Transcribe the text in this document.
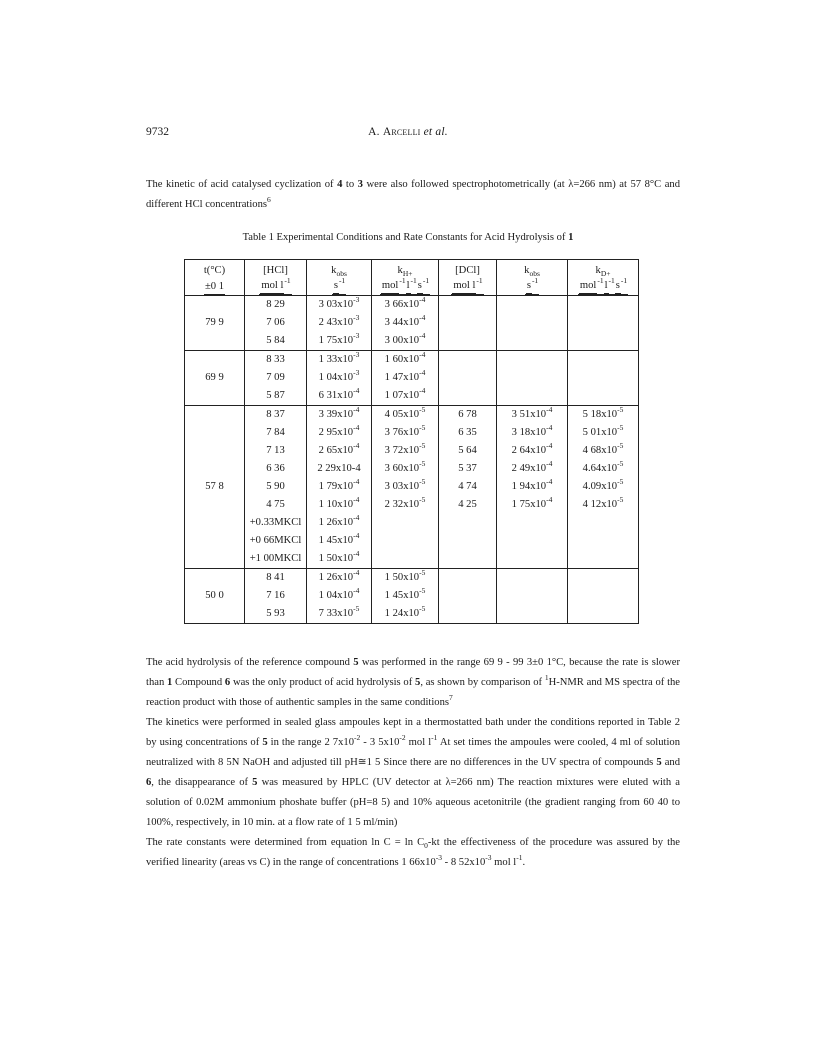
9732	A. Arcelli et al.

The kinetic of acid catalysed cyclization of 4 to 3 were also followed spectrophotometrically (at λ=266 nm) at 57 8°C and different HCl concentrations$^6$

Table 1 Experimental Conditions and Rate Constants for Acid Hydrolysis of 1
t(°C)	[HCl]	$k_{obs}$	$k_{H+}$	[DCl]	$k_{obs}$	$k_{D+}$
±0 1	mol $l^{-1}$	$s^{-1}$	$mol^{-1}l^{-1}s^{-1}$	mol $l^{-1}$	$s^{-1}$	$mol^{-1}l^{-1}s^{-1}$
79 9	8 29	3 $03x10^{-3}$	3 $66x10^{-4}$			
	7 06	2 $43x10^{-3}$	3 $44x10^{-4}$			
	5 84	1 $75x10^{-3}$	3 $00x10^{-4}$			
69 9	8 33	1 $33x10^{-3}$	1 $60x10^{-4}$			
	7 09	1 $04x10^{-3}$	1 $47x10^{-4}$			
	5 87	6 $31x10^{-4}$	1 $07x10^{-4}$			
57 8	8 37	3 $39x10^{-4}$	4 $05x10^{-5}$	6 78	3 $51x10^{-4}$	5 $18x10^{-5}$
	7 84	2 $95x10^{-4}$	3 $76x10^{-5}$	6 35	3 $18x10^{-4}$	5 $01x10^{-5}$
	7 13	2 $65x10^{-4}$	3 $72x10^{-5}$	5 64	2 $64x10^{-4}$	4 $68x10^{-5}$
	6 36	2 29x10-4	3 $60x10^{-5}$	5 37	2 $49x10^{-4}$	$4.64x10^{-5}$
	5 90	1 $79x10^{-4}$	3 $03x10^{-5}$	4 74	1 $94x10^{-4}$	$4.09x10^{-5}$
	4 75	1 $10x10^{-4}$	2 $32x10^{-5}$	4 25	1 $75x10^{-4}$	4 $12x10^{-5}$
	+0.33MKCl	1 $26x10^{-4}$				
	+0 66MKCl	1 $45x10^{-4}$				
	+1 00MKCl	1 $50x10^{-4}$				
50 0	8 41	1 $26x10^{-4}$	1 $50x10^{-5}$			
	7 16	1 $04x10^{-4}$	1 $45x10^{-5}$			
	5 93	7 $33x10^{-5}$	1 $24x10^{-5}$			

The acid hydrolysis of the reference compound 5 was performed in the range 69 9 - 99 3±0 1°C, because the rate is slower than 1 Compound 6 was the only product of acid hydrolysis of 5, as shown by comparison of $^1$H-NMR and MS spectra of the reaction product with those of authentic samples in the same conditions$^7$

The kinetics were performed in sealed glass ampoules kept in a thermostatted bath under the conditions reported in Table 2 by using concentrations of 5 in the range 2 $7x10^{-2} - 3$ $5x10^{-2}$ mol $l^{-1}$ At set times the ampoules were cooled, 4 ml of solution neutralized with 8 5N NaOH and adjusted till pH≅1 5 Since there are no differences in the UV spectra of compounds 5 and 6, the disappearance of 5 was measured by HPLC (UV detector at λ=266 nm) The reaction mixtures were eluted with a solution of 0.02M ammonium phoshate buffer (pH=8 5) and 10% aqueous acetonitrile (the gradient ranging from 60 40 to 100%, respectively, in 10 min. at a flow rate of 1 5 ml/min)

The rate constants were determined from equation $\ln C = \ln C_0-kt$ the effectiveness of the procedure was assured by the verified linearity (areas vs C) in the range of concentrations 1 $66x10^{-3} - 8$ $52x10^{-3}$ mol $l^{-1}$.
